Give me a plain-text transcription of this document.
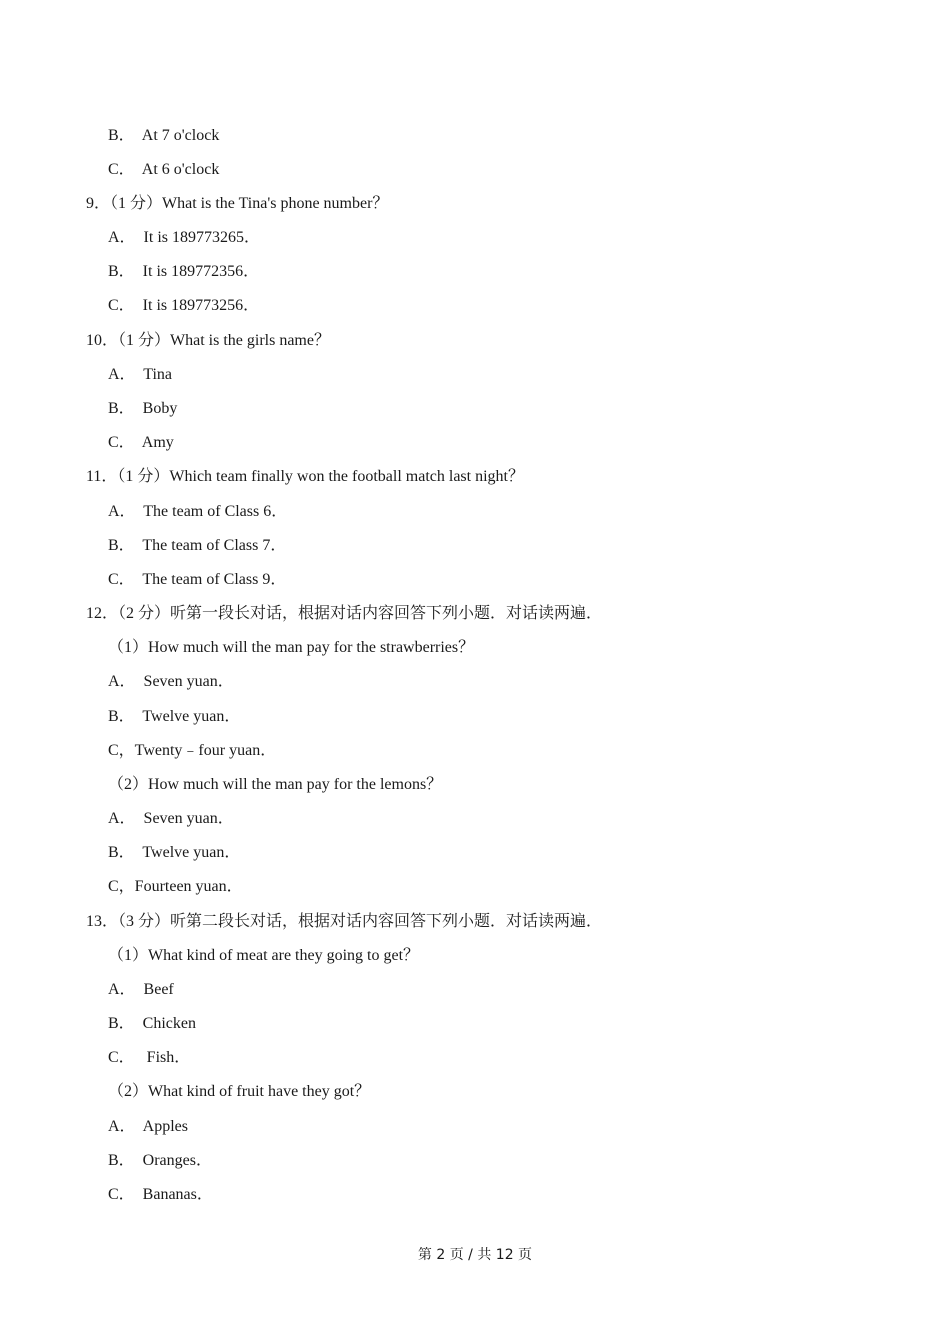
B．  At 7 o'clock
C．  At 6 o'clock
9．（1 分）What is the Tina's phone number？
A．  It is 189773265．
B．  It is 189772356．
C．  It is 189773256．
10．（1 分）What is the girls name？
A．  Tina
B．  Boby
C．  Amy
11．（1 分）Which team finally won the football match last night？
A．  The team of Class 6．
B．  The team of Class 7．
C．  The team of Class 9．
12．（2 分）听第一段长对话，根据对话内容回答下列小题．对话读两遍．
（1）How much will the man pay for the strawberries？
A．  Seven yuan．
B．  Twelve yuan．
C，Twenty﹣four yuan．
（2）How much will the man pay for the lemons？
A．  Seven yuan．
B．  Twelve yuan．
C，Fourteen yuan．
13．（3 分）听第二段长对话，根据对话内容回答下列小题．对话读两遍．
（1）What kind of meat are they going to get？
A．  Beef
B．  Chicken
C．   Fish．
（2）What kind of fruit have they got？
A．  Apples
B．  Oranges．
C．  Bananas．
第 2 页 / 共 12 页
